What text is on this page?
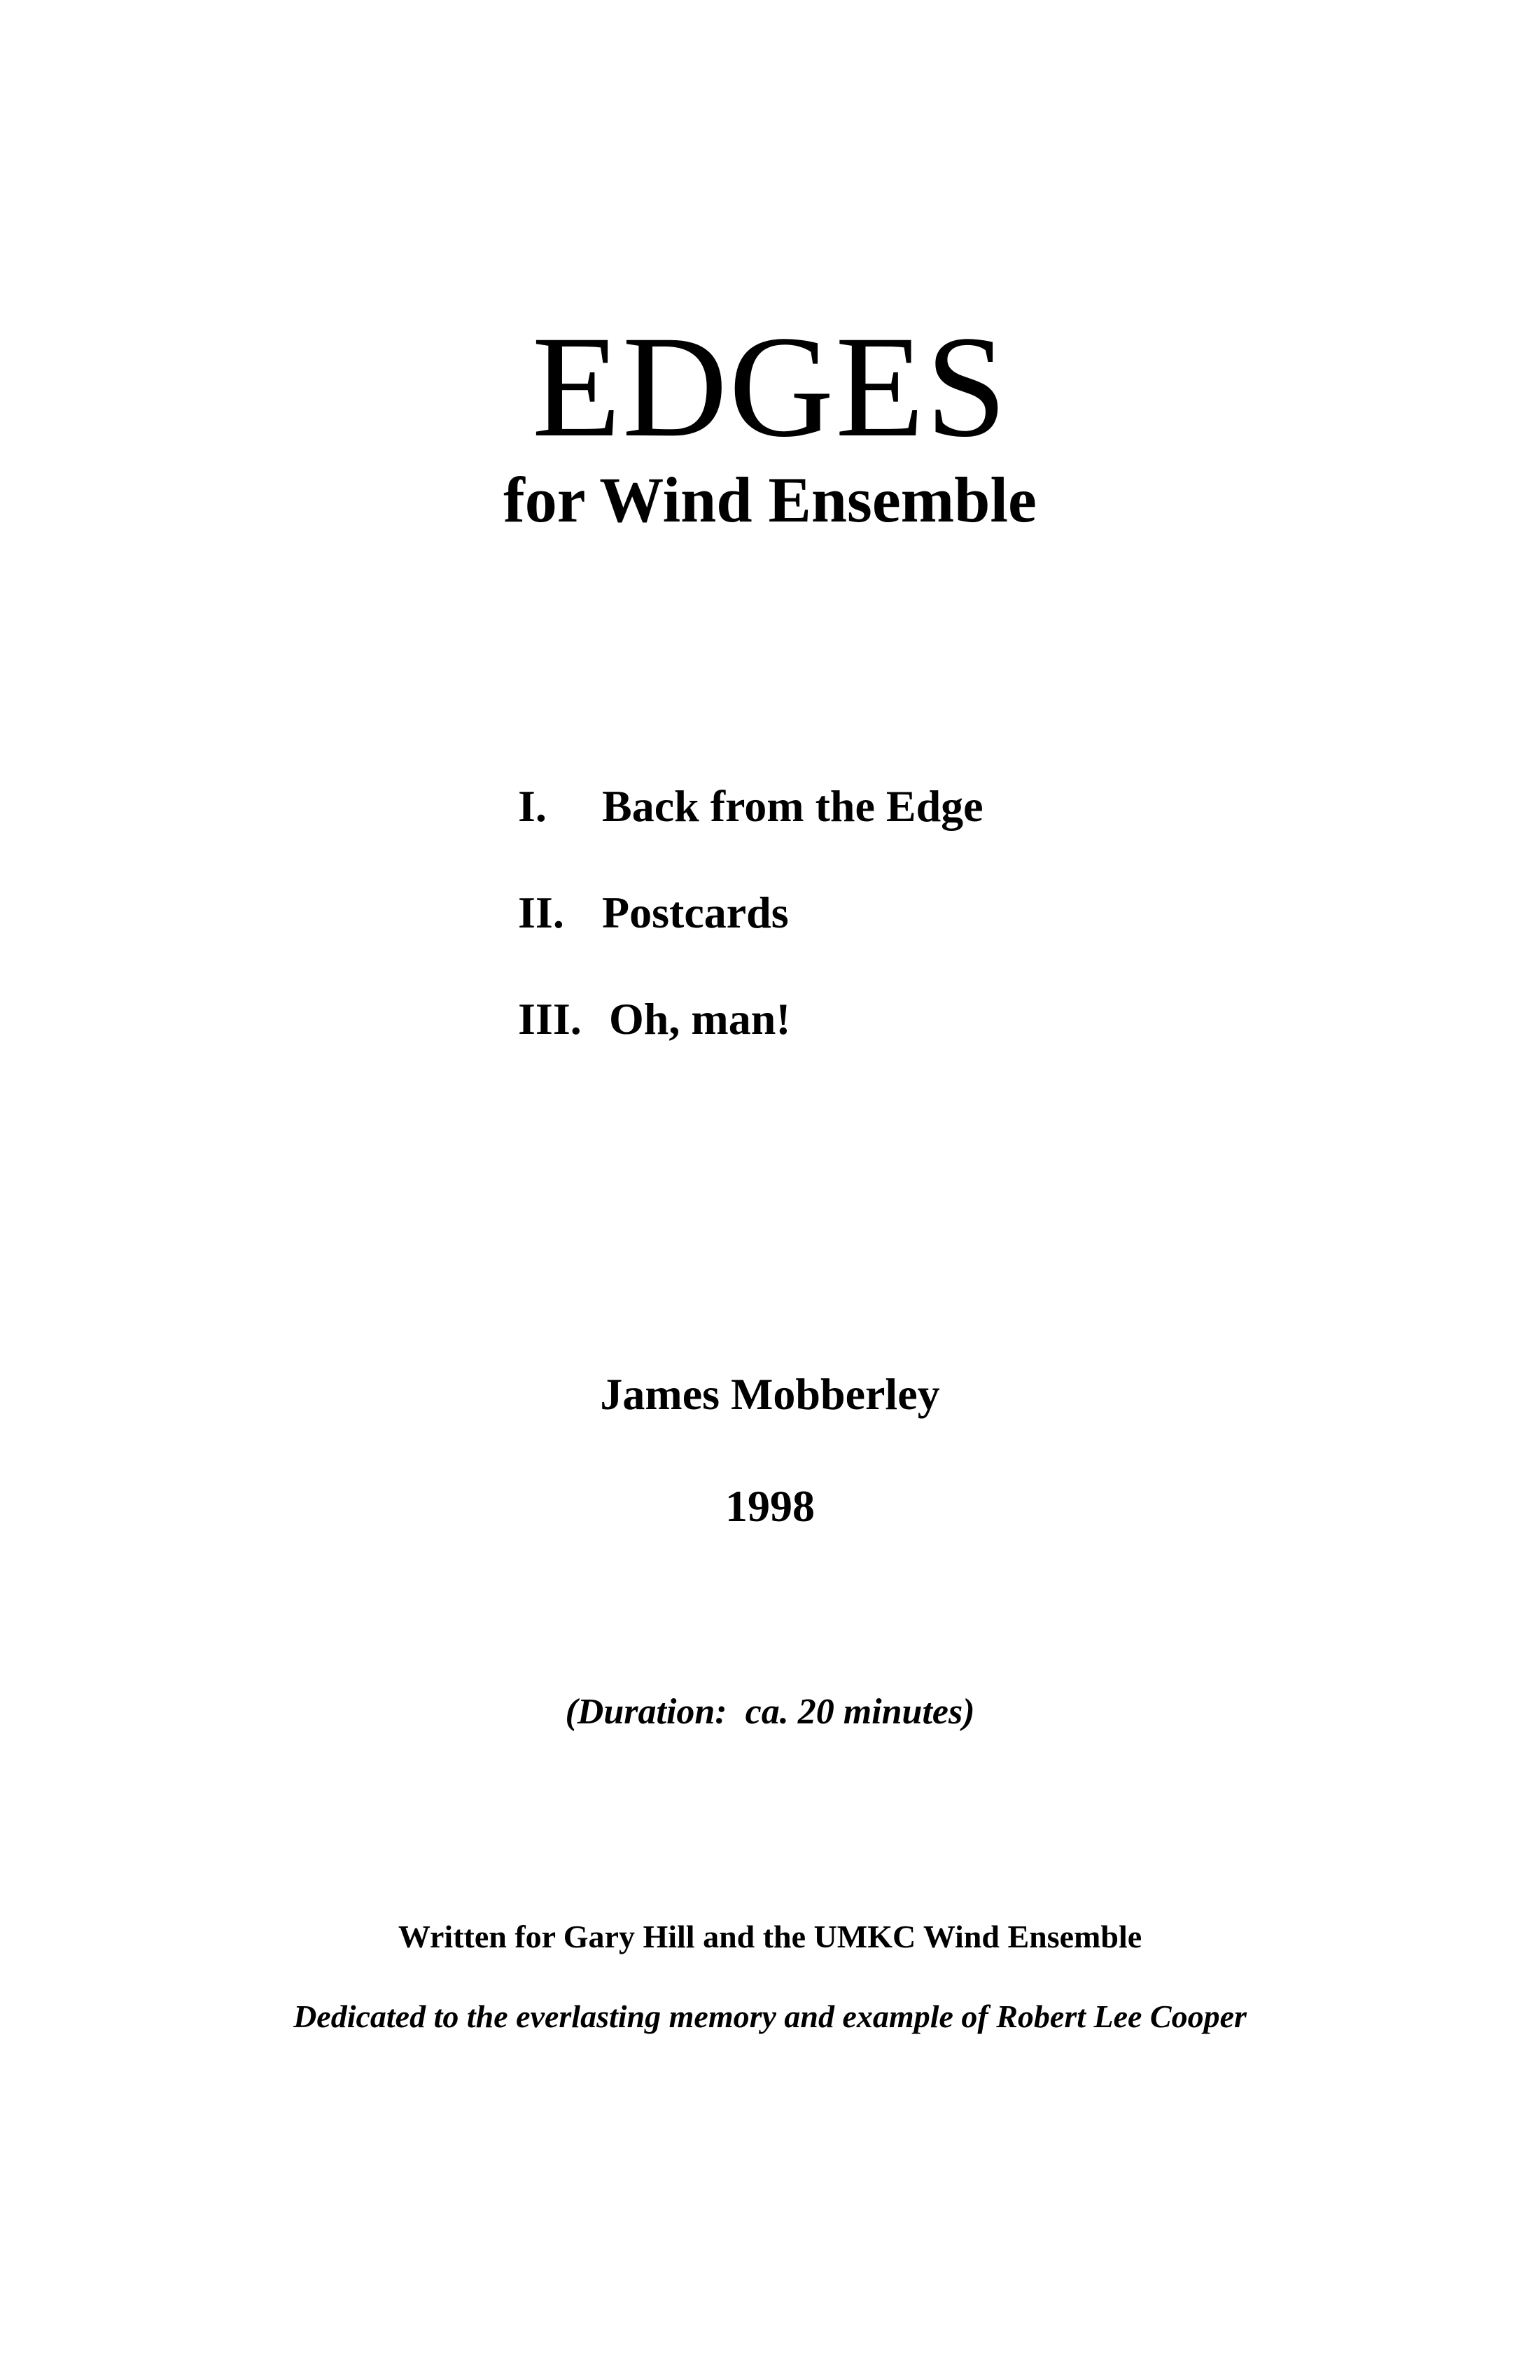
EDGES
for Wind Ensemble
I. Back from the Edge
II. Postcards
III. Oh, man!
James Mobberley
1998
(Duration:  ca. 20 minutes)
Written for Gary Hill and the UMKC Wind Ensemble
Dedicated to the everlasting memory and example of Robert Lee Cooper
